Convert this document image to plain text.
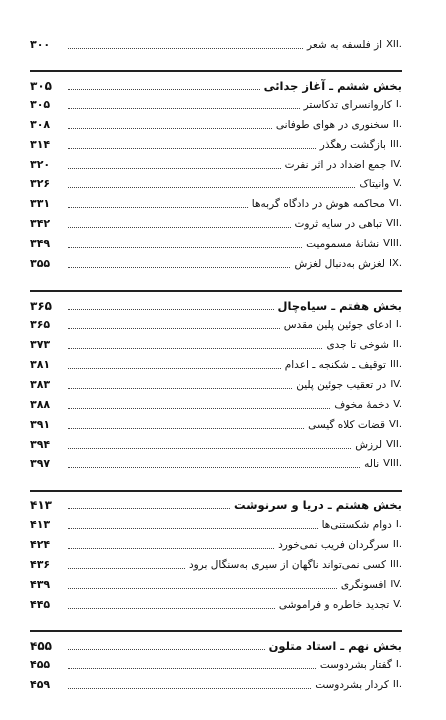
XII.
از فلسفه به شعر
۳۰۰
بخش ششم ـ آغاز جدائی
۳۰۵
I.
کاروانسرای تدکاستر
۳۰۵
II.
سخنوری در هوای طوفانی
۳۰۸
III.
بازگشت رهگذر
۳۱۴
IV.
جمع اضداد در اثر نفرت
۳۲۰
V.
وانیتاک
۳۲۶
VI.
محاکمه هوش در دادگاه گربه‌ها
۳۳۱
VII.
تباهی در سایه ثروت
۳۴۲
VIII.
نشانهٔ مسمومیت
۳۴۹
IX.
لغزش به‌دنبال لغزش
۳۵۵
بخش هفتم ـ سیاه‌چال
۳۶۵
I.
ادعای جوئین پلین مقدس
۳۶۵
II.
شوخی تا جدی
۳۷۳
III.
توقیف ـ شکنجه ـ اعدام
۳۸۱
IV.
در تعقیب جوئین پلین
۳۸۳
V.
دخمهٔ مخوف
۳۸۸
VI.
قضات کلاه گیسی
۳۹۱
VII.
لرزش
۳۹۴
VIII.
ناله
۳۹۷
بخش هشتم ـ دریا و سرنوشت
۴۱۳
I.
دوام شکستنی‌ها
۴۱۳
II.
سرگردان فریب نمی‌خورد
۴۲۴
III.
کسی نمی‌تواند ناگهان از سیری به‌سنگال برود
۴۳۶
IV.
افسونگری
۴۳۹
V.
تجدید خاطره و فراموشی
۴۴۵
بخش نهم ـ استاد متلون
۴۵۵
I.
گفتار بشردوست
۴۵۵
II.
کردار بشردوست
۴۵۹
